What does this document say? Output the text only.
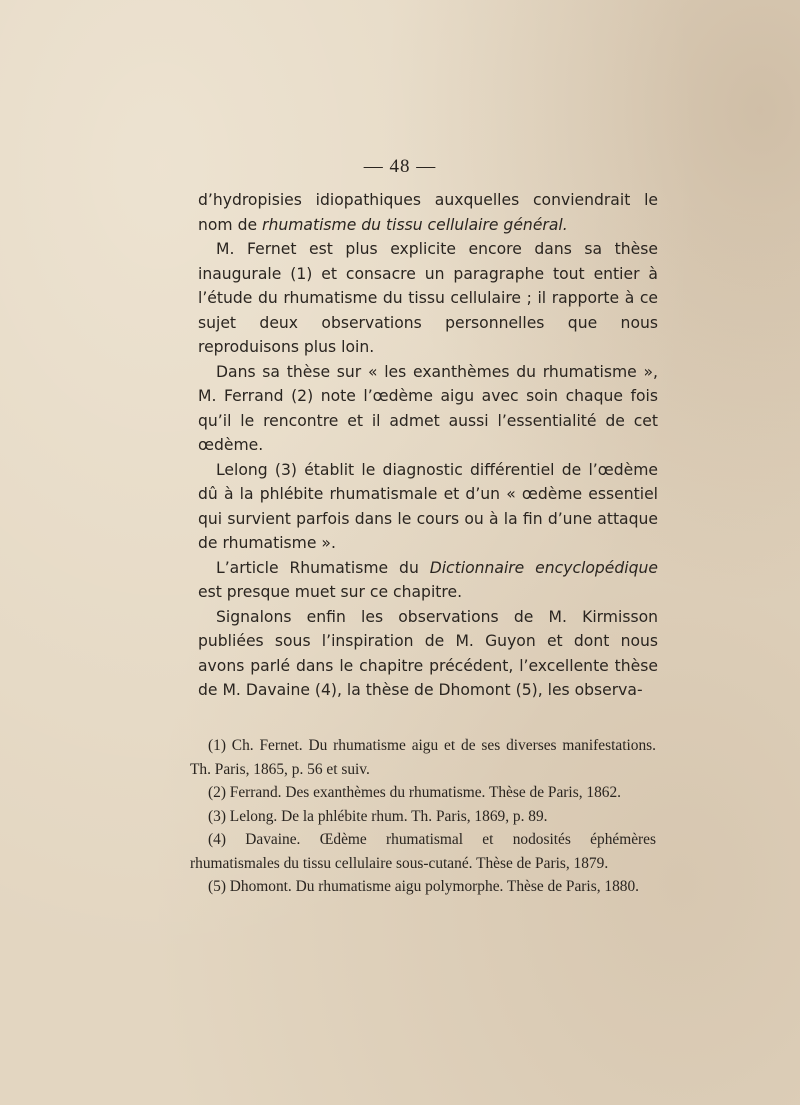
— 48 —

d’hydropisies idiopathiques auxquelles conviendrait le nom de rhumatisme du tissu cellulaire général.

M. Fernet est plus explicite encore dans sa thèse inaugurale (1) et consacre un paragraphe tout entier à l’étude du rhumatisme du tissu cellulaire ; il rapporte à ce sujet deux observations personnelles que nous reproduisons plus loin.

Dans sa thèse sur « les exanthèmes du rhumatisme », M. Ferrand (2) note l’œdème aigu avec soin chaque fois qu’il le rencontre et il admet aussi l’essentialité de cet œdème.

Lelong (3) établit le diagnostic différentiel de l’œdème dû à la phlébite rhumatismale et d’un « œdème essentiel qui survient parfois dans le cours ou à la fin d’une attaque de rhumatisme ».

L’article Rhumatisme du Dictionnaire encyclopédique est presque muet sur ce chapitre.

Signalons enfin les observations de M. Kirmisson publiées sous l’inspiration de M. Guyon et dont nous avons parlé dans le chapitre précédent, l’excellente thèse de M. Davaine (4), la thèse de Dhomont (5), les observa-

(1) Ch. Fernet. Du rhumatisme aigu et de ses diverses manifestations. Th. Paris, 1865, p. 56 et suiv.

(2) Ferrand. Des exanthèmes du rhumatisme. Thèse de Paris, 1862.

(3) Lelong. De la phlébite rhum. Th. Paris, 1869, p. 89.

(4) Davaine. Œdème rhumatismal et nodosités éphémères rhumatismales du tissu cellulaire sous-cutané. Thèse de Paris, 1879.

(5) Dhomont. Du rhumatisme aigu polymorphe. Thèse de Paris, 1880.
